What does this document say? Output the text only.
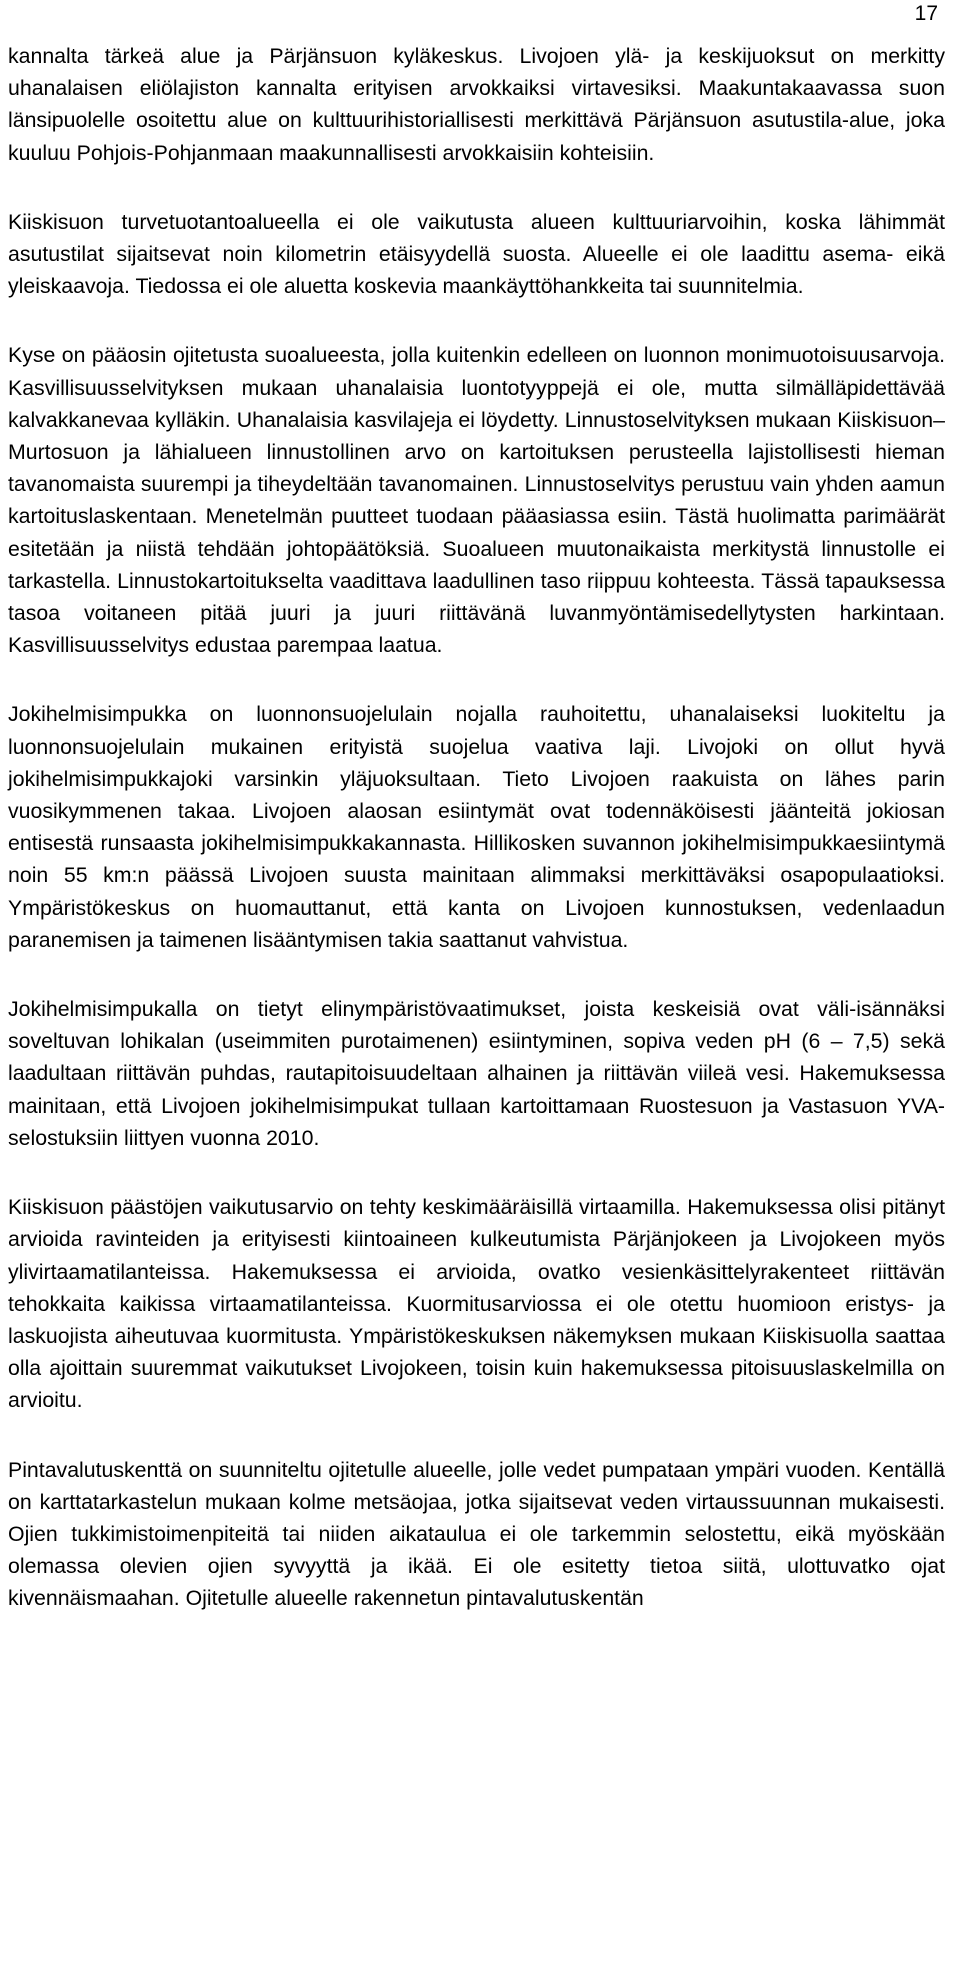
17

kannalta tärkeä alue ja Pärjänsuon kyläkeskus. Livojoen ylä- ja keskijuoksut on merkitty uhanalaisen eliölajiston kannalta erityisen arvokkaiksi virtavesiksi. Maakuntakaavassa suon länsipuolelle osoitettu alue on kulttuurihistoriallisesti merkittävä Pärjänsuon asutustila-alue, joka kuuluu Pohjois-Pohjanmaan maakunnallisesti arvokkaisiin kohteisiin.

Kiiskisuon turvetuotantoalueella ei ole vaikutusta alueen kulttuuriarvoihin, koska lähimmät asutustilat sijaitsevat noin kilometrin etäisyydellä suosta. Alueelle ei ole laadittu asema- eikä yleiskaavoja. Tiedossa ei ole aluetta koskevia maankäyttöhankkeita tai suunnitelmia.

Kyse on pääosin ojitetusta suoalueesta, jolla kuitenkin edelleen on luonnon monimuotoisuusarvoja. Kasvillisuusselvityksen mukaan uhanalaisia luontotyyppejä ei ole, mutta silmälläpidettävää kalvakkanevaa kylläkin. Uhanalaisia kasvilajeja ei löydetty. Linnustoselvityksen mukaan Kiiskisuon–Murtosuon ja lähialueen linnustollinen arvo on kartoituksen perusteella lajistollisesti hieman tavanomaista suurempi ja tiheydeltään tavanomainen. Linnustoselvitys perustuu vain yhden aamun kartoituslaskentaan. Menetelmän puutteet tuodaan pääasiassa esiin. Tästä huolimatta parimäärät esitetään ja niistä tehdään johtopäätöksiä. Suoalueen muutonaikaista merkitystä linnustolle ei tarkastella. Linnustokartoitukselta vaadittava laadullinen taso riippuu kohteesta. Tässä tapauksessa tasoa voitaneen pitää juuri ja juuri riittävänä luvanmyöntämisedellytysten harkintaan. Kasvillisuusselvitys edustaa parempaa laatua.

Jokihelmisimpukka on luonnonsuojelulain nojalla rauhoitettu, uhanalaiseksi luokiteltu ja luonnonsuojelulain mukainen erityistä suojelua vaativa laji. Livojoki on ollut hyvä jokihelmisimpukkajoki varsinkin yläjuoksultaan. Tieto Livojoen raakuista on lähes parin vuosikymmenen takaa. Livojoen alaosan esiintymät ovat todennäköisesti jäänteitä jokiosan entisestä runsaasta jokihelmisimpukkakannasta. Hillikosken suvannon jokihelmisimpukkaesiintymä noin 55 km:n päässä Livojoen suusta mainitaan alimmaksi merkittäväksi osapopulaatioksi. Ympäristökeskus on huomauttanut, että kanta on Livojoen kunnostuksen, vedenlaadun paranemisen ja taimenen lisääntymisen takia saattanut vahvistua.

Jokihelmisimpukalla on tietyt elinympäristövaatimukset, joista keskeisiä ovat väli-isännäksi soveltuvan lohikalan (useimmiten purotaimenen) esiintyminen, sopiva veden pH (6 – 7,5) sekä laadultaan riittävän puhdas, rautapitoisuudeltaan alhainen ja riittävän viileä vesi. Hakemuksessa mainitaan, että Livojoen jokihelmisimpukat tullaan kartoittamaan Ruostesuon ja Vastasuon YVA-selostuksiin liittyen vuonna 2010.

Kiiskisuon päästöjen vaikutusarvio on tehty keskimääräisillä virtaamilla. Hakemuksessa olisi pitänyt arvioida ravinteiden ja erityisesti kiintoaineen kulkeutumista Pärjänjokeen ja Livojokeen myös ylivirtaamatilanteissa. Hakemuksessa ei arvioida, ovatko vesienkäsittelyrakenteet riittävän tehokkaita kaikissa virtaamatilanteissa. Kuormitusarviossa ei ole otettu huomioon eristys- ja laskuojista aiheutuvaa kuormitusta. Ympäristökeskuksen näkemyksen mukaan Kiiskisuolla saattaa olla ajoittain suuremmat vaikutukset Livojokeen, toisin kuin hakemuksessa pitoisuuslaskelmilla on arvioitu.

Pintavalutuskenttä on suunniteltu ojitetulle alueelle, jolle vedet pumpataan ympäri vuoden. Kentällä on karttatarkastelun mukaan kolme metsäojaa, jotka sijaitsevat veden virtaussuunnan mukaisesti. Ojien tukkimistoimenpiteitä tai niiden aikataulua ei ole tarkemmin selostettu, eikä myöskään olemassa olevien ojien syvyyttä ja ikää. Ei ole esitetty tietoa siitä, ulottuvatko ojat kivennäismaahan. Ojitetulle alueelle rakennetun pintavalutuskentän
